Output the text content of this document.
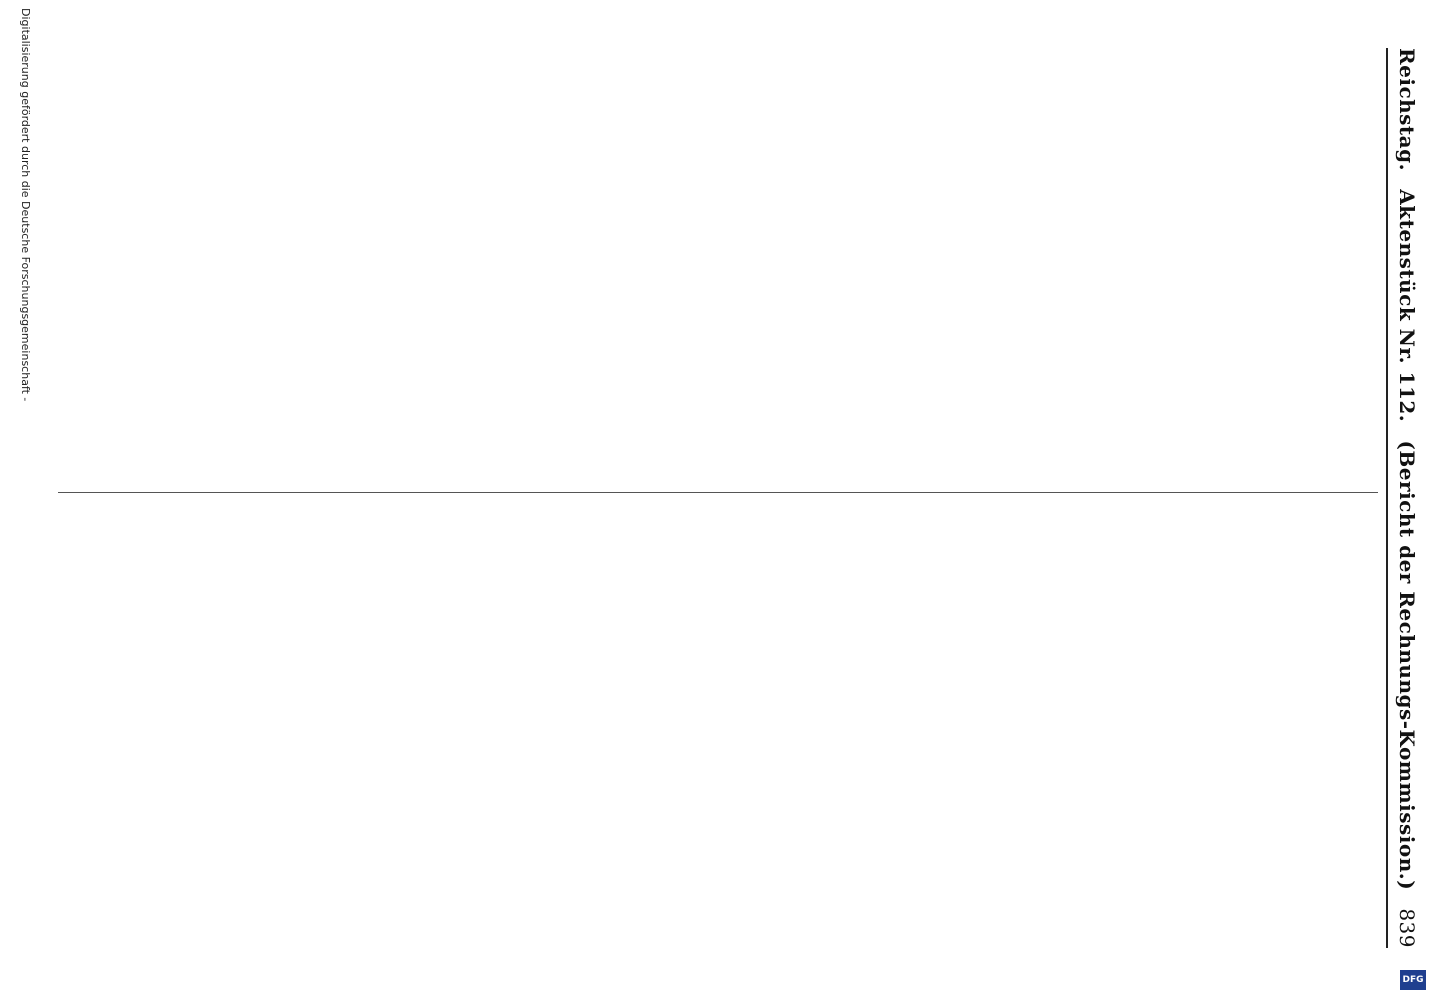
Reichstag.
Aktenstück Nr. 112.
(Bericht der Rechnungs-Kommission.)
839
Digitalisierung gefördert durch die Deutsche Forschungsgemeinschaft -
DFG
